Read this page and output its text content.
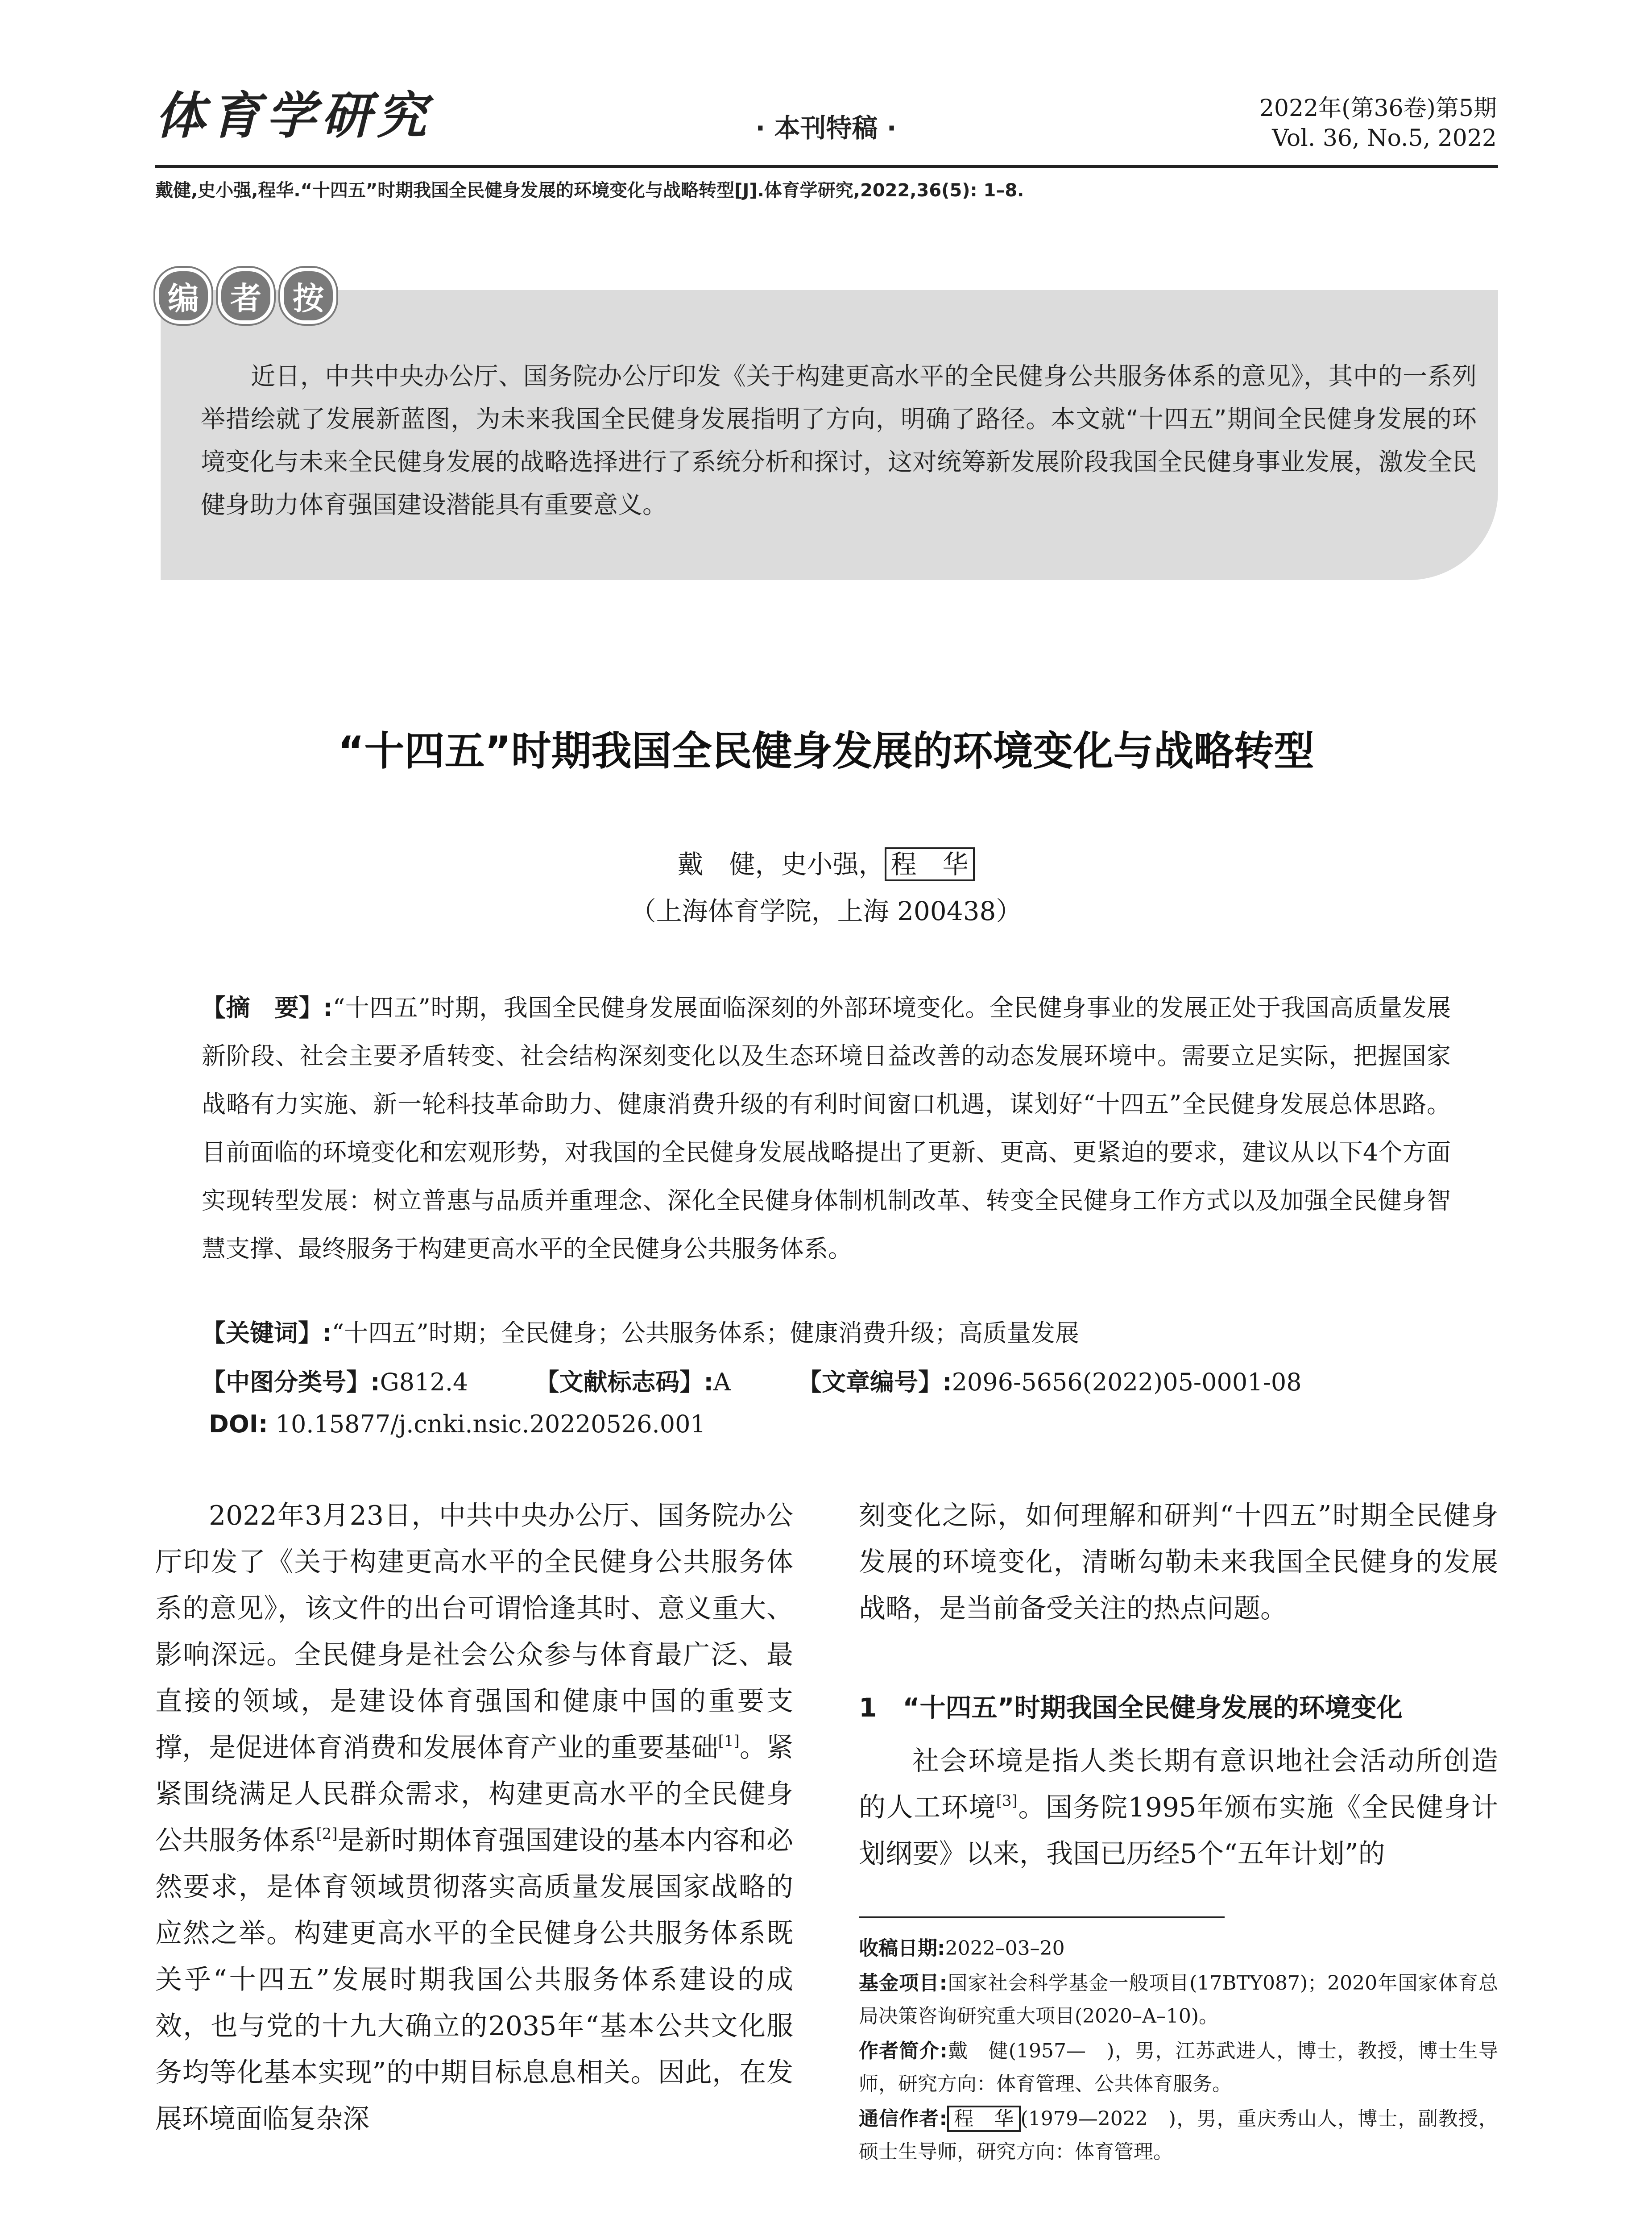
体育学研究	· 本刊特稿 ·
2022年(第36卷)第5期
Vol. 36, No.5, 2022
戴健,史小强,程华.“十四五”时期我国全民健身发展的环境变化与战略转型[J].体育学研究,2022,36(5): 1–8.
编	者	按
近日，中共中央办公厅、国务院办公厅印发《关于构建更高水平的全民健身公共服务体系的意见》，其中的一系列举措绘就了发展新蓝图，为未来我国全民健身发展指明了方向，明确了路径。本文就“十四五”期间全民健身发展的环境变化与未来全民健身发展的战略选择进行了系统分析和探讨，这对统筹新发展阶段我国全民健身事业发展，激发全民健身助力体育强国建设潜能具有重要意义。
“十四五”时期我国全民健身发展的环境变化与战略转型
戴　健，史小强， 程　华
（上海体育学院，上海 200438）
【摘　要】:“十四五”时期，我国全民健身发展面临深刻的外部环境变化。全民健身事业的发展正处于我国高质量发展新阶段、社会主要矛盾转变、社会结构深刻变化以及生态环境日益改善的动态发展环境中。需要立足实际，把握国家战略有力实施、新一轮科技革命助力、健康消费升级的有利时间窗口机遇，谋划好“十四五”全民健身发展总体思路。目前面临的环境变化和宏观形势，对我国的全民健身发展战略提出了更新、更高、更紧迫的要求，建议从以下4个方面实现转型发展：树立普惠与品质并重理念、深化全民健身体制机制改革、转变全民健身工作方式以及加强全民健身智慧支撑、最终服务于构建更高水平的全民健身公共服务体系。
【关键词】:“十四五”时期；全民健身；公共服务体系；健康消费升级；高质量发展
【中图分类号】:G812.4	【文献标志码】:A	【文章编号】:2096-5656(2022)05-0001-08
DOI: 10.15877/j.cnki.nsic.20220526.001
2022年3月23日，中共中央办公厅、国务院办公厅印发了《关于构建更高水平的全民健身公共服务体系的意见》，该文件的出台可谓恰逢其时、意义重大、影响深远。全民健身是社会公众参与体育最广泛、最直接的领域，是建设体育强国和健康中国的重要支撑，是促进体育消费和发展体育产业的重要基础[1]。紧紧围绕满足人民群众需求，构建更高水平的全民健身公共服务体系[2]是新时期体育强国建设的基本内容和必然要求，是体育领域贯彻落实高质量发展国家战略的应然之举。构建更高水平的全民健身公共服务体系既关乎“十四五”发展时期我国公共服务体系建设的成效，也与党的十九大确立的2035年“基本公共文化服务均等化基本实现”的中期目标息息相关。因此，在发展环境面临复杂深
刻变化之际，如何理解和研判“十四五”时期全民健身发展的环境变化，清晰勾勒未来我国全民健身的发展战略，是当前备受关注的热点问题。
1　“十四五”时期我国全民健身发展的环境变化
社会环境是指人类长期有意识地社会活动所创造的人工环境[3]。国务院1995年颁布实施《全民健身计划纲要》以来，我国已历经5个“五年计划”的

收稿日期:2022–03–20

基金项目:国家社会科学基金一般项目(17BTY087)；2020年国家体育总局决策咨询研究重大项目(2020–A–10)。

作者简介:戴　健(1957—　)，男，江苏武进人，博士，教授，博士生导师，研究方向：体育管理、公共体育服务。

通信作者: 程　华 (1979—2022　)，男，重庆秀山人，博士，副教授，硕士生导师，研究方向：体育管理。
